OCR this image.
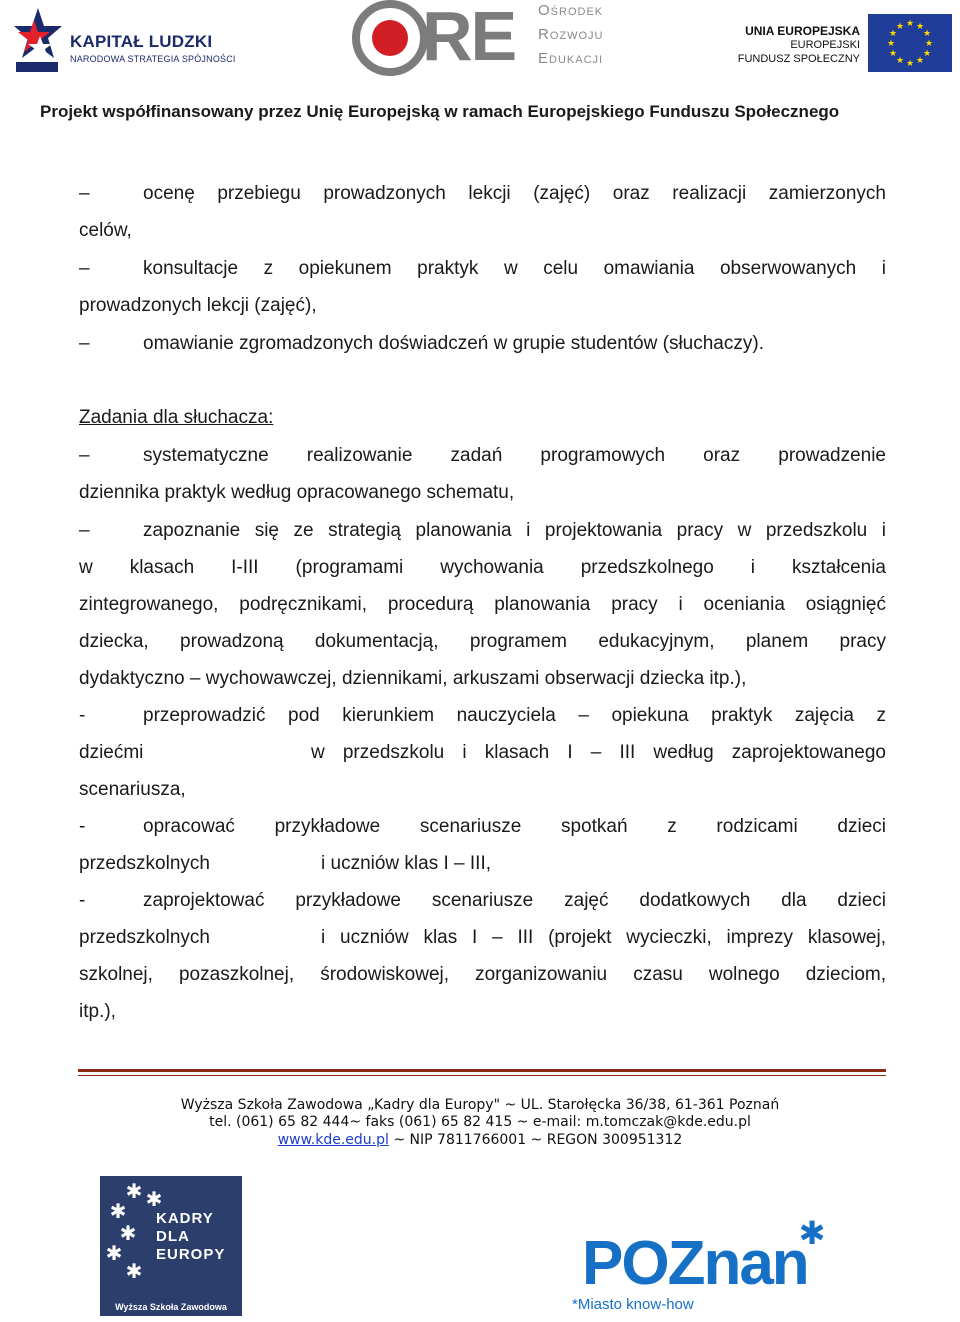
KAPITAŁ LUDZKI
NARODOWA STRATEGIA SPÓJNOŚCI	RE Ośrodek
Rozwoju
Edukacji
UNIA EUROPEJSKA
EUROPEJSKI
FUNDUSZ SPOŁECZNY
★ ★
★
★
★
★
★
★
★
★
★
★
Projekt współfinansowany przez Unię Europejską w ramach Europejskiego Funduszu Społecznego
–	ocenę przebiegu prowadzonych lekcji (zajęć) oraz realizacji zamierzonych
celów,
–	konsultacje z opiekunem praktyk w celu omawiania obserwowanych i
prowadzonych lekcji (zajęć),
–	omawianie zgromadzonych doświadczeń w grupie studentów (słuchaczy).
Zadania dla słuchacza:
–	systematyczne realizowanie zadań programowych oraz prowadzenie
dziennika praktyk według opracowanego schematu,
–	zapoznanie się ze strategią planowania i projektowania pracy w przedszkolu i
w klasach I-III (programami wychowania przedszkolnego i kształcenia
zintegrowanego, podręcznikami, procedurą planowania pracy i oceniania osiągnięć
dziecka, prowadzoną dokumentacją, programem edukacyjnym, planem pracy
dydaktyczno – wychowawczej, dziennikami, arkuszami obserwacji dziecka itp.),
-	przeprowadzić pod kierunkiem nauczyciela – opiekuna praktyk zajęcia z
dziećmi	w przedszkolu i klasach I – III według zaprojektowanego
scenariusza,
-	opracować przykładowe scenariusze spotkań z rodzicami dzieci
przedszkolnych	i uczniów klas I – III,
-	zaprojektować przykładowe scenariusze zajęć dodatkowych dla dzieci
przedszkolnych	i uczniów klas I – III (projekt wycieczki, imprezy klasowej,
szkolnej, pozaszkolnej, środowiskowej, zorganizowaniu czasu wolnego dzieciom,
itp.),
Wyższa Szkoła Zawodowa „Kadry dla Europy" ~ UL. Starołęcka 36/38, 61-361 Poznań
tel. (061) 65 82 444~ faks (061) 65 82 415 ~ e-mail: m.tomczak@kde.edu.pl
www.kde.edu.pl ~ NIP 7811766001 ~ REGON 300951312
✱ ✱
✱
✱
✱
✱
KADRY
DLA
EUROPY
Wyższa Szkoła Zawodowa
POZnan
*Miasto know-how
✱
